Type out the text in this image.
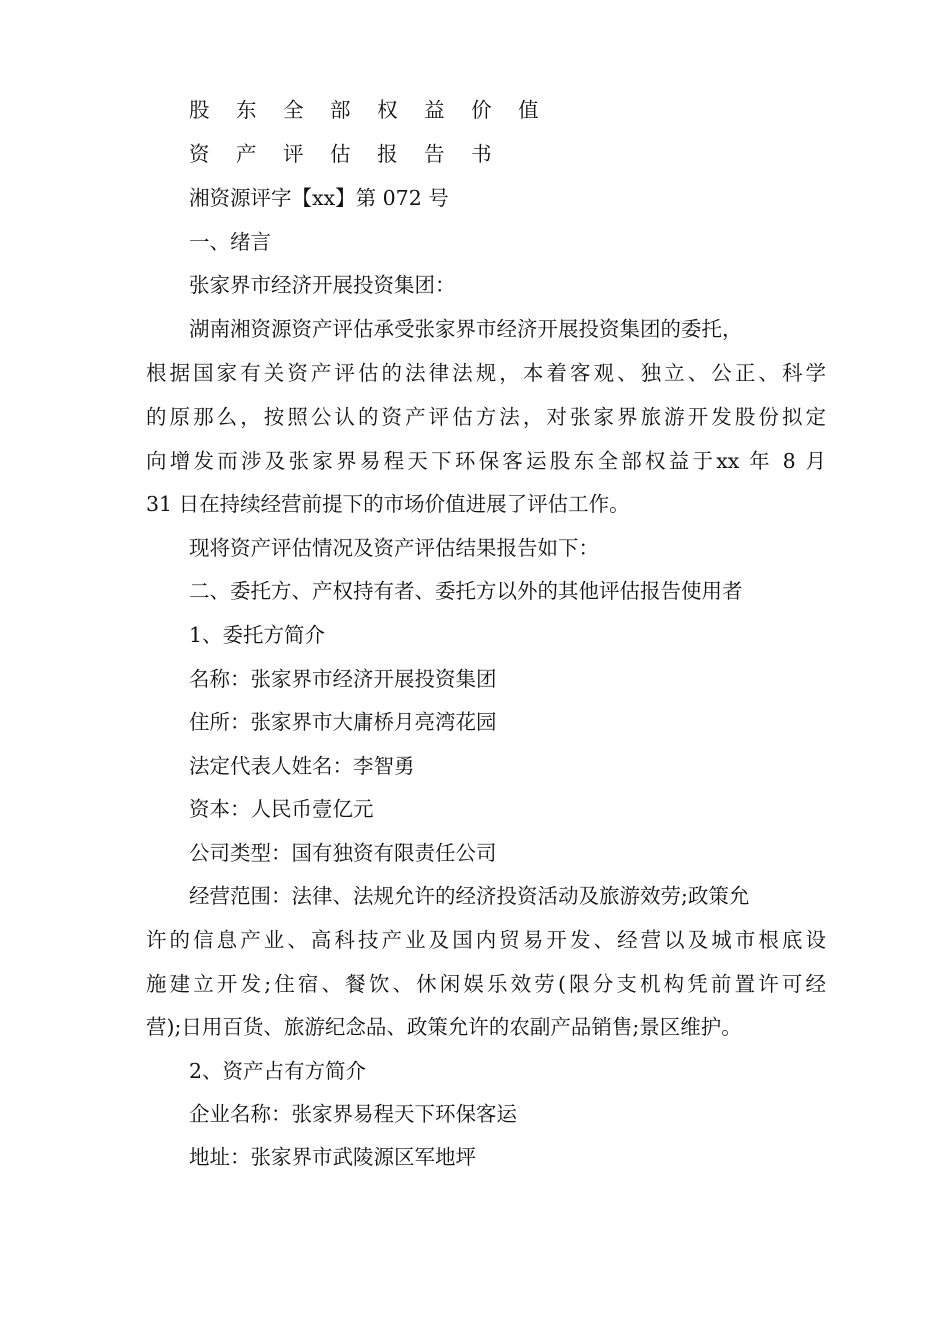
股 东 全 部 权 益 价 值
资 产 评 估 报 告 书
湘资源评字【xx】第 072 号
一、绪言
张家界市经济开展投资集团：
湖南湘资源资产评估承受张家界市经济开展投资集团的委托，
根据国家有关资产评估的法律法规，本着客观、独立、公正、科学
的原那么，按照公认的资产评估方法，对张家界旅游开发股份拟定
向增发而涉及张家界易程天下环保客运股东全部权益于xx 年 8 月
31 日在持续经营前提下的市场价值进展了评估工作。
现将资产评估情况及资产评估结果报告如下：
二、委托方、产权持有者、委托方以外的其他评估报告使用者
1、委托方简介
名称：张家界市经济开展投资集团
住所：张家界市大庸桥月亮湾花园
法定代表人姓名：李智勇
资本：人民币壹亿元
公司类型：国有独资有限责任公司
经营范围：法律、法规允许的经济投资活动及旅游效劳;政策允
许的信息产业、高科技产业及国内贸易开发、经营以及城市根底设
施建立开发;住宿、餐饮、休闲娱乐效劳(限分支机构凭前置许可经
营);日用百货、旅游纪念品、政策允许的农副产品销售;景区维护。
2、资产占有方简介
企业名称：张家界易程天下环保客运
地址：张家界市武陵源区军地坪
